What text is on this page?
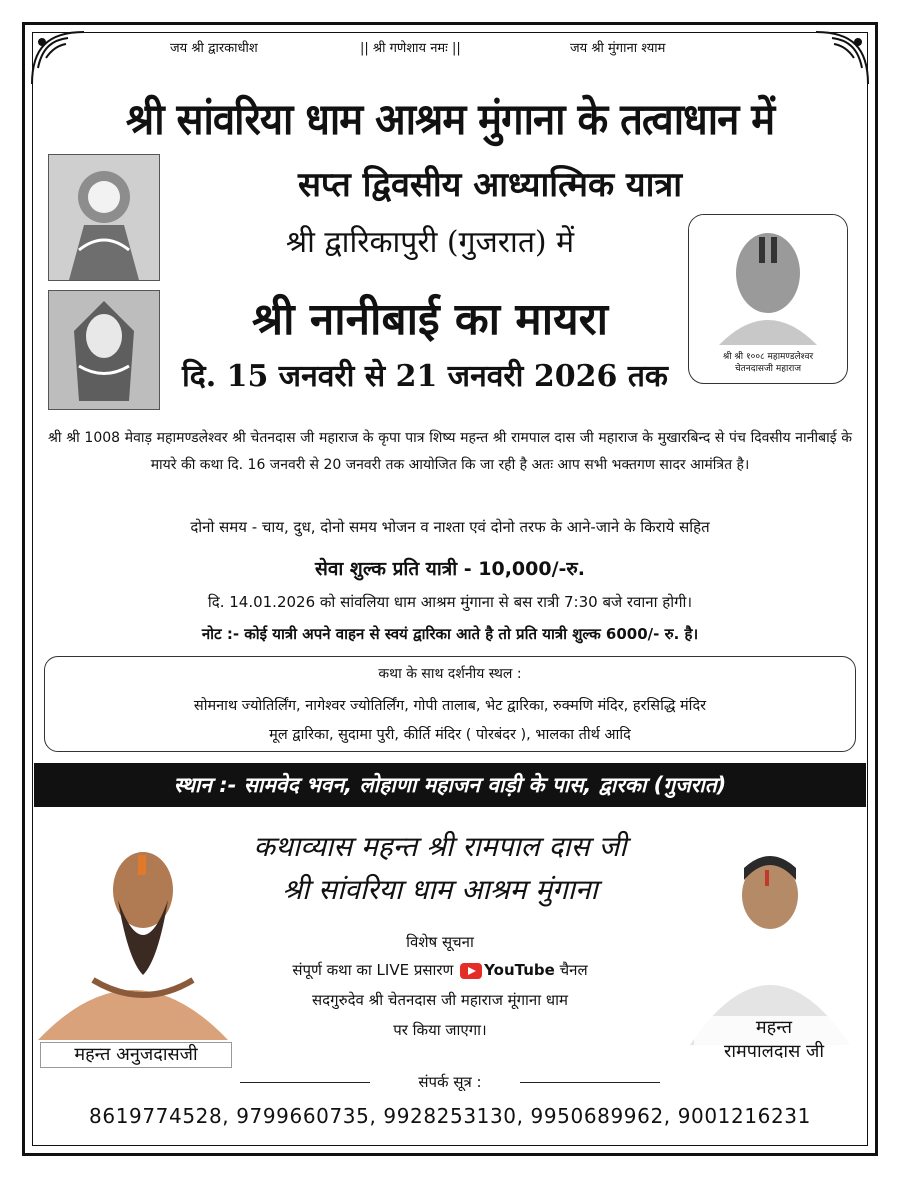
जय श्री द्वारकाधीश	|| श्री गणेशाय नमः ||	जय श्री मुंगाना श्याम
श्री सांवरिया धाम आश्रम मुंगाना के तत्वाधान में
सप्त द्विवसीय आध्यात्मिक यात्रा
श्री द्वारिकापुरी (गुजरात) में
श्री नानीबाई का मायरा
दि. 15 जनवरी से 21 जनवरी 2026 तक
श्री श्री १००८ महामण्डलेश्वर
चेतनदासजी महाराज
श्री श्री 1008 मेवाड़ महामण्डलेश्वर श्री चेतनदास जी महाराज के कृपा पात्र शिष्य महन्त श्री रामपाल दास जी महाराज के मुखारबिन्द से पंच दिवसीय नानीबाई के मायरे की कथा दि. 16 जनवरी से 20 जनवरी तक आयोजित कि जा रही है अतः आप सभी भक्तगण सादर आमंत्रित है।
दोनो समय - चाय, दुध, दोनो समय भोजन व नाश्ता एवं दोनो तरफ के आने-जाने के किराये सहित
सेवा शुल्क प्रति यात्री - 10,000/-रु.
दि. 14.01.2026 को सांवलिया धाम आश्रम मुंगाना से बस रात्री 7:30 बजे रवाना होगी।
नोट :- कोई यात्री अपने वाहन से स्वयं द्वारिका आते है तो प्रति यात्री शुल्क 6000/- रु. है।
कथा के साथ दर्शनीय स्थल :
सोमनाथ ज्योतिर्लिंग, नागेश्वर ज्योतिर्लिंग, गोपी तालाब, भेट द्वारिका, रुक्मणि मंदिर, हरसिद्धि मंदिर
मूल द्वारिका, सुदामा पुरी, कीर्ति मंदिर ( पोरबंदर ), भालका तीर्थ आदि
स्थान :- सामवेद भवन, लोहाणा महाजन वाड़ी के पास, द्वारका (गुजरात)
कथाव्यास महन्त श्री रामपाल दास जी
श्री सांवरिया धाम आश्रम मुंगाना
विशेष सूचना
संपूर्ण कथा का LIVE प्रसारण YouTube चैनल
सदगुरुदेव श्री चेतनदास जी महाराज मूंगाना धाम
पर किया जाएगा।
महन्त अनुजदासजी
महन्त
रामपालदास जी
संपर्क सूत्र :
8619774528, 9799660735, 9928253130, 9950689962, 9001216231
